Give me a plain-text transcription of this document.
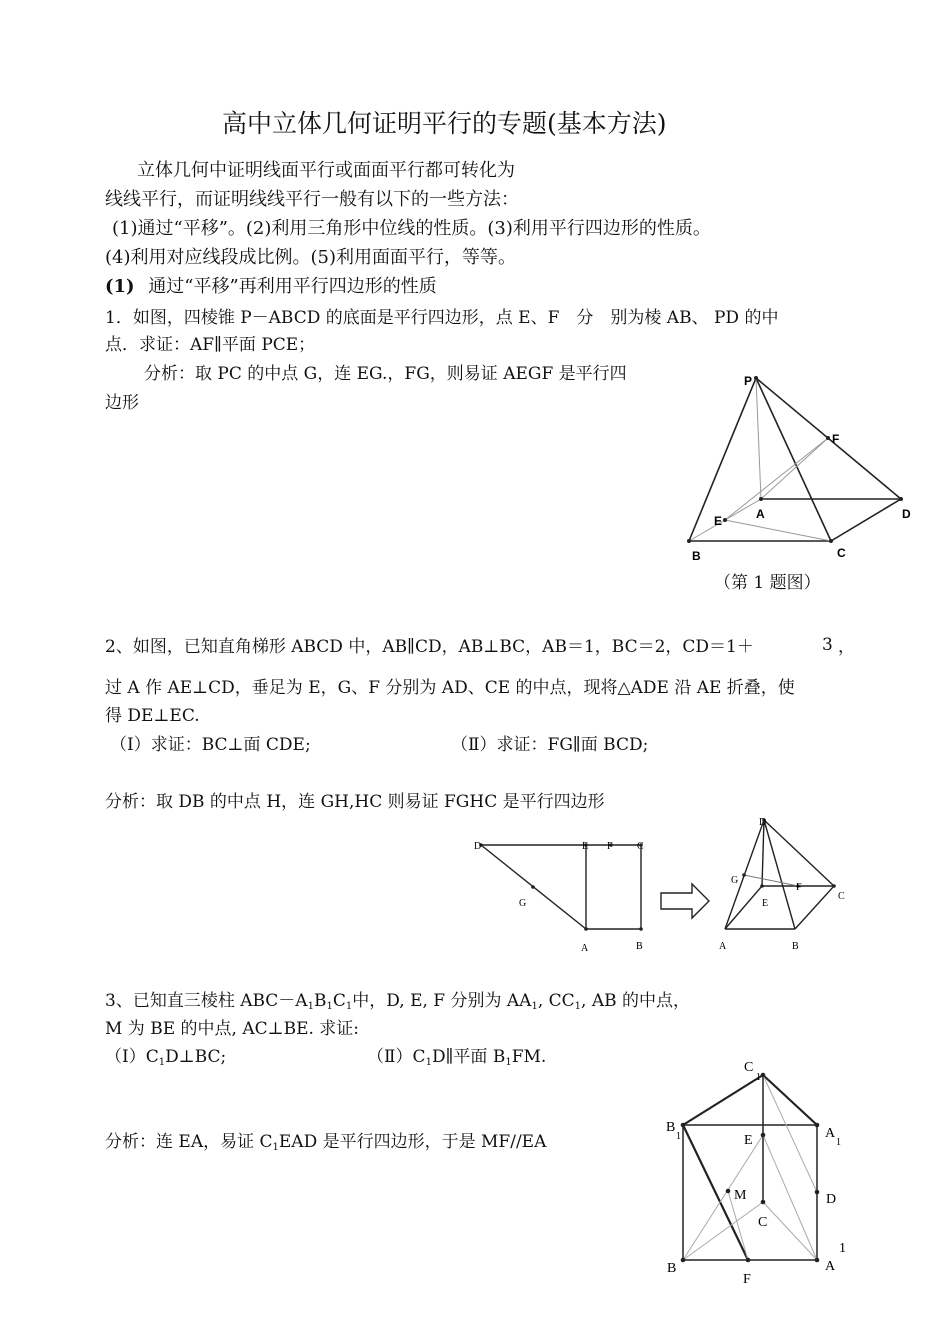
高中立体几何证明平行的专题(基本方法)
立体几何中证明线面平行或面面平行都可转化为
线线平行，而证明线线平行一般有以下的一些方法：
(1)通过“平移”。(2)利用三角形中位线的性质。(3)利用平行四边形的性质。
(4)利用对应线段成比例。(5)利用面面平行，等等。
(1) 通过“平移”再利用平行四边形的性质
1．如图，四棱锥 P－ABCD 的底面是平行四边形，点 E、F　分　别为棱 AB、 PD 的中
点．求证：AF∥平面 PCE；
分析：取 PC 的中点 G，连 EG.，FG，则易证 AEGF 是平行四
边形
P
F
A	D
E
B	C
（第 1 题图）
2、如图，已知直角梯形 ABCD 中，AB∥CD，AB⊥BC，AB＝1，BC＝2，CD＝1＋	3 ，
过 A 作 AE⊥CD，垂足为 E，G、F 分别为 AD、CE 的中点，现将△ADE 沿 AE 折叠，使
得 DE⊥EC.
（Ⅰ）求证：BC⊥面 CDE;	（Ⅱ）求证：FG∥面 BCD;
分析：取 DB 的中点 H，连 GH,HC 则易证 FGHC 是平行四边形
D	E F C
G
A	B
D
G
F
C
E
A	B
3、已知直三棱柱 $ABC-A_1B_1C_1$中，D, E, F 分别为 $AA_1$, $CC_1$, AB 的中点，
M 为 BE 的中点, AC⊥BE. 求证:
$(Ⅰ)C_1D\perp BC$;	$(Ⅱ)C_1D\parallel$平面 $B_1FM$.
分析：连 EA，易证 $C_1EAD$ 是平行四边形，于是 MF//EA
C
1
B
1	A
1
E
M	D
C
1
B	A
F
